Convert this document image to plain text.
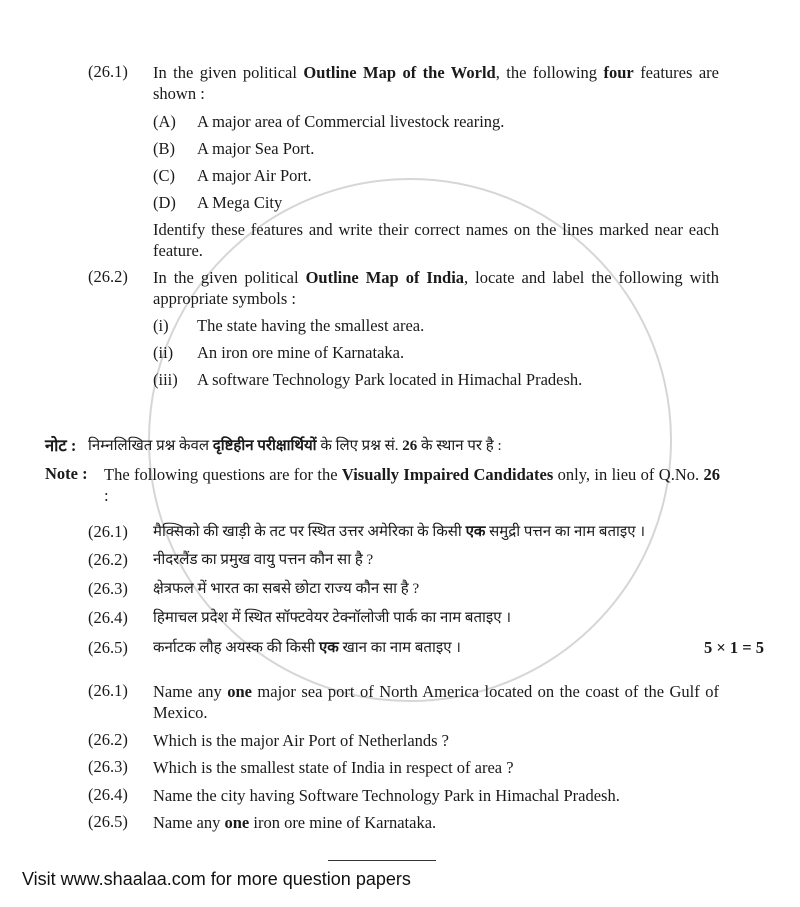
(26.1) In the given political Outline Map of the World, the following four features are shown :
(A) A major area of Commercial livestock rearing.
(B) A major Sea Port.
(C) A major Air Port.
(D) A Mega City
Identify these features and write their correct names on the lines marked near each feature.
(26.2) In the given political Outline Map of India, locate and label the following with appropriate symbols :
(i) The state having the smallest area.
(ii) An iron ore mine of Karnataka.
(iii) A software Technology Park located in Himachal Pradesh.
नोट : निम्नलिखित प्रश्न केवल दृष्टिहीन परीक्षार्थियों के लिए प्रश्न सं. 26 के स्थान पर है :
Note : The following questions are for the Visually Impaired Candidates only, in lieu of Q.No. 26 :
(26.1) मैक्सिको की खाड़ी के तट पर स्थित उत्तर अमेरिका के किसी एक समुद्री पत्तन का नाम बताइए ।
(26.2) नीदरलैंड का प्रमुख वायु पत्तन कौन सा है ?
(26.3) क्षेत्रफल में भारत का सबसे छोटा राज्य कौन सा है ?
(26.4) हिमाचल प्रदेश में स्थित सॉफ्टवेयर टेक्नॉलोजी पार्क का नाम बताइए ।
(26.5) कर्नाटक लौह अयस्क की किसी एक खान का नाम बताइए ।	5 × 1 = 5
(26.1) Name any one major sea port of North America located on the coast of the Gulf of Mexico.
(26.2) Which is the major Air Port of Netherlands ?
(26.3) Which is the smallest state of India in respect of area ?
(26.4) Name the city having Software Technology Park in Himachal Pradesh.
(26.5) Name any one iron ore mine of Karnataka.
Visit www.shaalaa.com for more question papers
